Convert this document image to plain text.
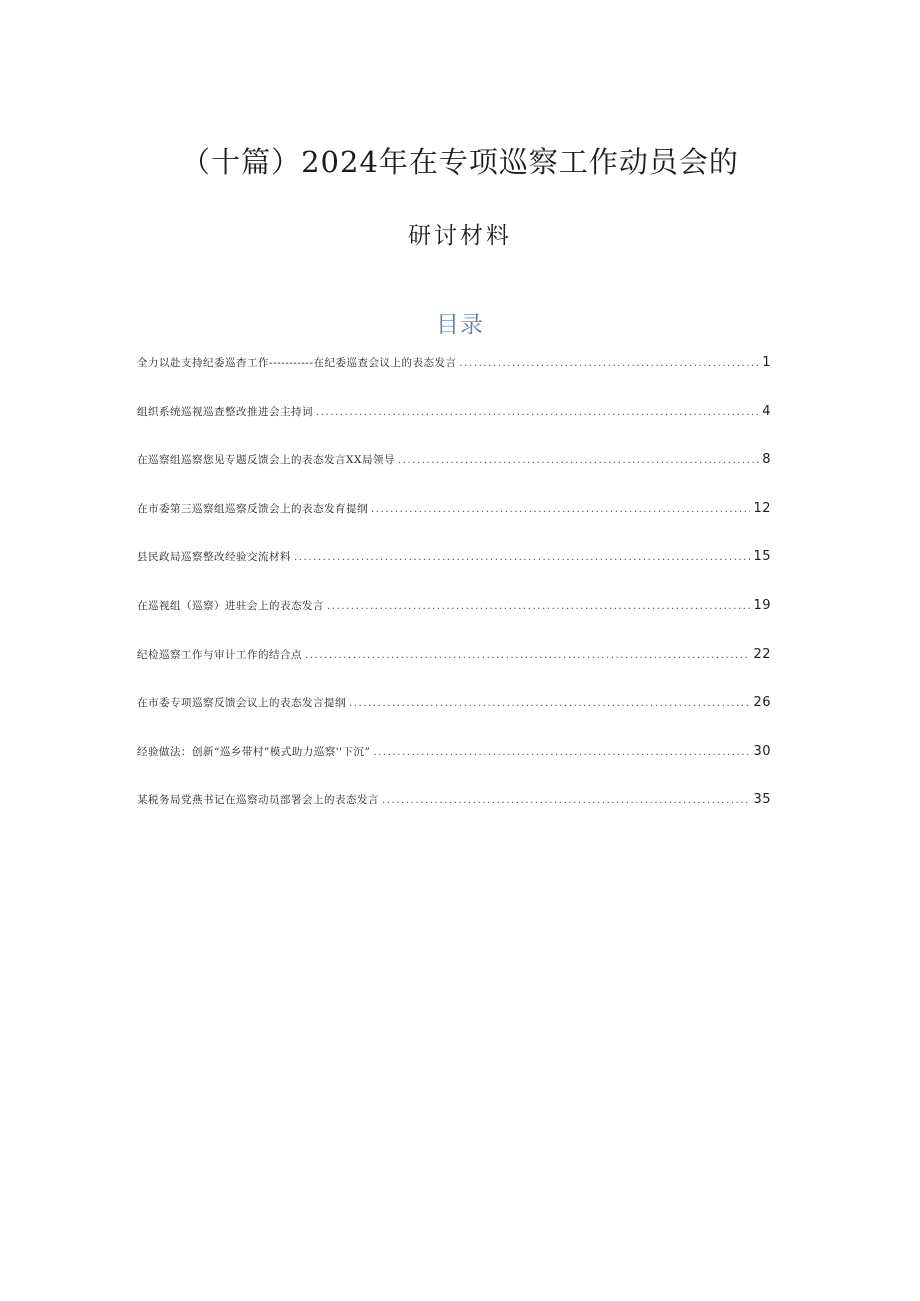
（十篇）2024年在专项巡察工作动员会的
研讨材料
目录
全力以赴支持纪委巡杳工作-----------在纪委巡查会议上的表态发言 .....	1
组织系统巡视巡查整改推进会主持词 .....	4
在巡察组巡察您见专题反馈会上的表态发言XX局领导 .....	8
在市委第三巡察组巡察反馈会上的表态发育提纲 .....	12
县民政局巡察整改经验交流材料 .....	15
在巡视组（巡察）进驻会上的表态发言 .....	19
纪检巡察工作与审计工作的结合点 .....	22
在市委专项巡察反馈会议上的表态发言提纲 .....	26
经验做法：创新“巡乡带村”模式助力巡察''下沉” .....	30
某税务局党燕书记在巡察动员部署会上的表态发言 .....	35
